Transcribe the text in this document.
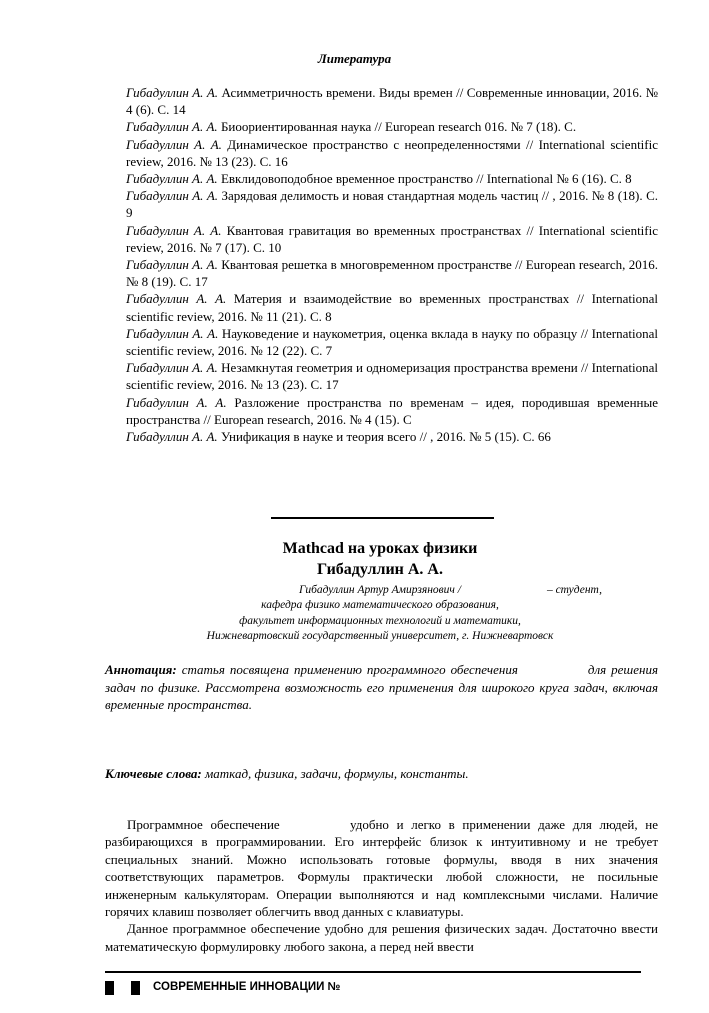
Литература

Гибадуллин А. А. Асимметричность времени. Виды времен // Современные инновации, 2016. № 4 (6). С. 14

Гибадуллин А. А. Биоориентированная наука // European research 016. № 7 (18). С.

Гибадуллин А. А. Динамическое пространство с неопределенностями // International scientific review, 2016. № 13 (23). С. 16

Гибадуллин А. А. Евклидовоподобное временное пространство // International № 6 (16). С. 8

Гибадуллин А. А. Зарядовая делимость и новая стандартная модель частиц // , 2016. № 8 (18). С. 9

Гибадуллин А. А. Квантовая гравитация во временных пространствах // International scientific review, 2016. № 7 (17). С. 10

Гибадуллин А. А. Квантовая решетка в многовременном пространстве // European research, 2016. № 8 (19). С. 17

Гибадуллин А. А. Материя и взаимодействие во временных пространствах // International scientific review, 2016. № 11 (21). С. 8

Гибадуллин А. А. Науковедение и наукометрия, оценка вклада в науку по образцу // International scientific review, 2016. № 12 (22). С. 7

Гибадуллин А. А. Незамкнутая геометрия и одномеризация пространства времени // International scientific review, 2016. № 13 (23). С. 17

Гибадуллин А. А. Разложение пространства по временам – идея, породившая временные пространства // European research, 2016. № 4 (15). С

Гибадуллин А. А. Унификация в науке и теория всего // , 2016. № 5 (15). С. 66

Mathcad на уроках физики
Гибадуллин А. А.
Гибадуллин Артур Амирзянович /	– студент,
кафедра физико математического образования,
факультет информационных технологий и математики,
Нижневартовский государственный университет, г. Нижневартовск
Аннотация: статья посвящена применению программного обеспечения	для решения задач по физике. Рассмотрена возможность его применения для широкого круга задач, включая временные пространства.
Ключевые слова: маткад, физика, задачи, формулы, константы.

Программное обеспечение	удобно и легко в применении даже для людей, не разбирающихся в программировании. Его интерфейс близок к интуитивному и не требует специальных знаний. Можно использовать готовые формулы, вводя в них значения соответствующих параметров. Формулы практически любой сложности, не посильные инженерным калькуляторам. Операции выполняются и над комплексными числами. Наличие горячих клавиш позволяет облегчить ввод данных с клавиатуры.

Данное программное обеспечение удобно для решения физических задач. Достаточно ввести математическую формулировку любого закона, а перед ней ввести

СОВРЕМЕННЫЕ ИННОВАЦИИ №
